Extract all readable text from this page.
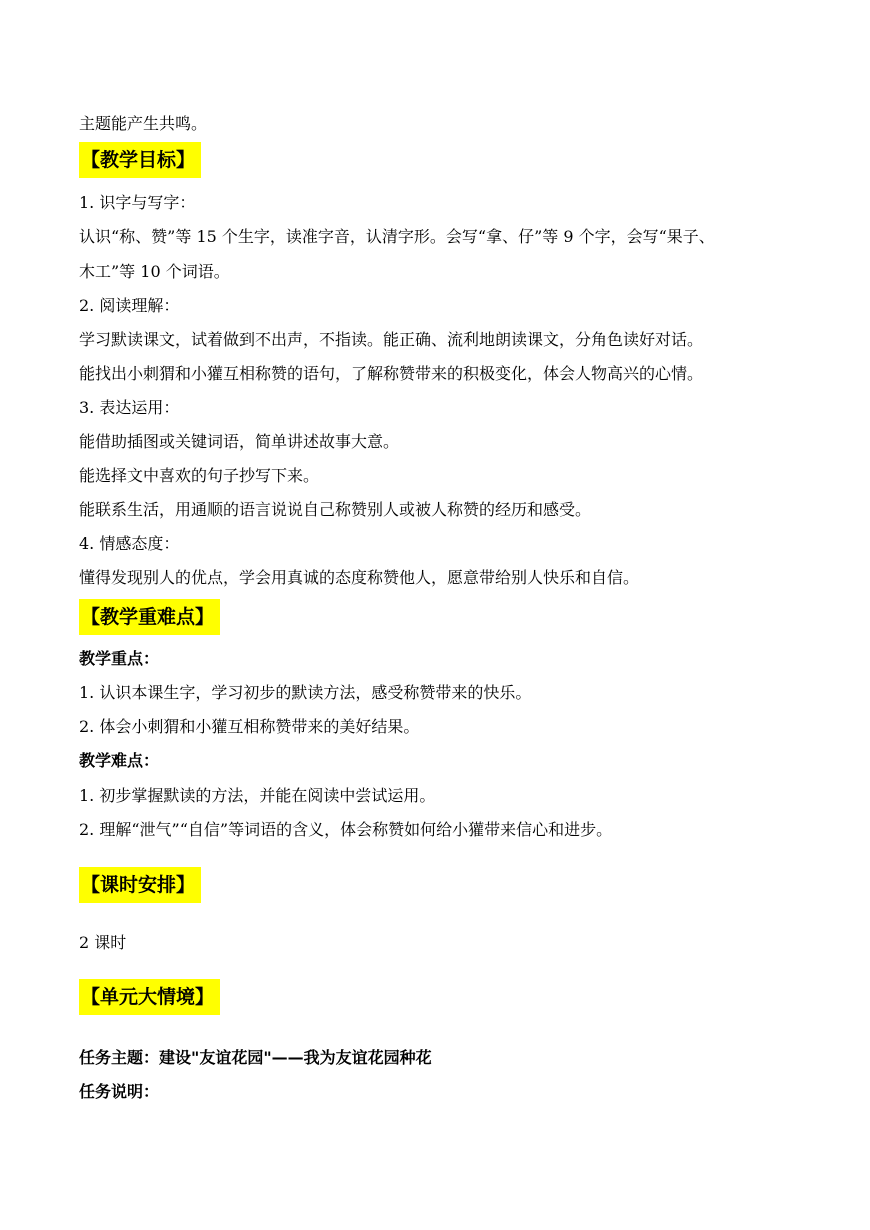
主题能产生共鸣。
【教学目标】
1. 识字与写字：
认识“称、赞”等 15 个生字，读准字音，认清字形。会写“拿、仔”等 9 个字，会写“果子、
木工”等 10 个词语。
2. 阅读理解：
学习默读课文，试着做到不出声，不指读。能正确、流利地朗读课文，分角色读好对话。
能找出小刺猬和小獾互相称赞的语句，了解称赞带来的积极变化，体会人物高兴的心情。
3. 表达运用：
能借助插图或关键词语，简单讲述故事大意。
能选择文中喜欢的句子抄写下来。
能联系生活，用通顺的语言说说自己称赞别人或被人称赞的经历和感受。
4. 情感态度：
懂得发现别人的优点，学会用真诚的态度称赞他人，愿意带给别人快乐和自信。
【教学重难点】
教学重点：
1. 认识本课生字，学习初步的默读方法，感受称赞带来的快乐。
2. 体会小刺猬和小獾互相称赞带来的美好结果。
教学难点：
1. 初步掌握默读的方法，并能在阅读中尝试运用。
2. 理解“泄气”“自信”等词语的含义，体会称赞如何给小獾带来信心和进步。
【课时安排】
2 课时
【单元大情境】
任务主题：建设"友谊花园"——我为友谊花园种花
任务说明：
